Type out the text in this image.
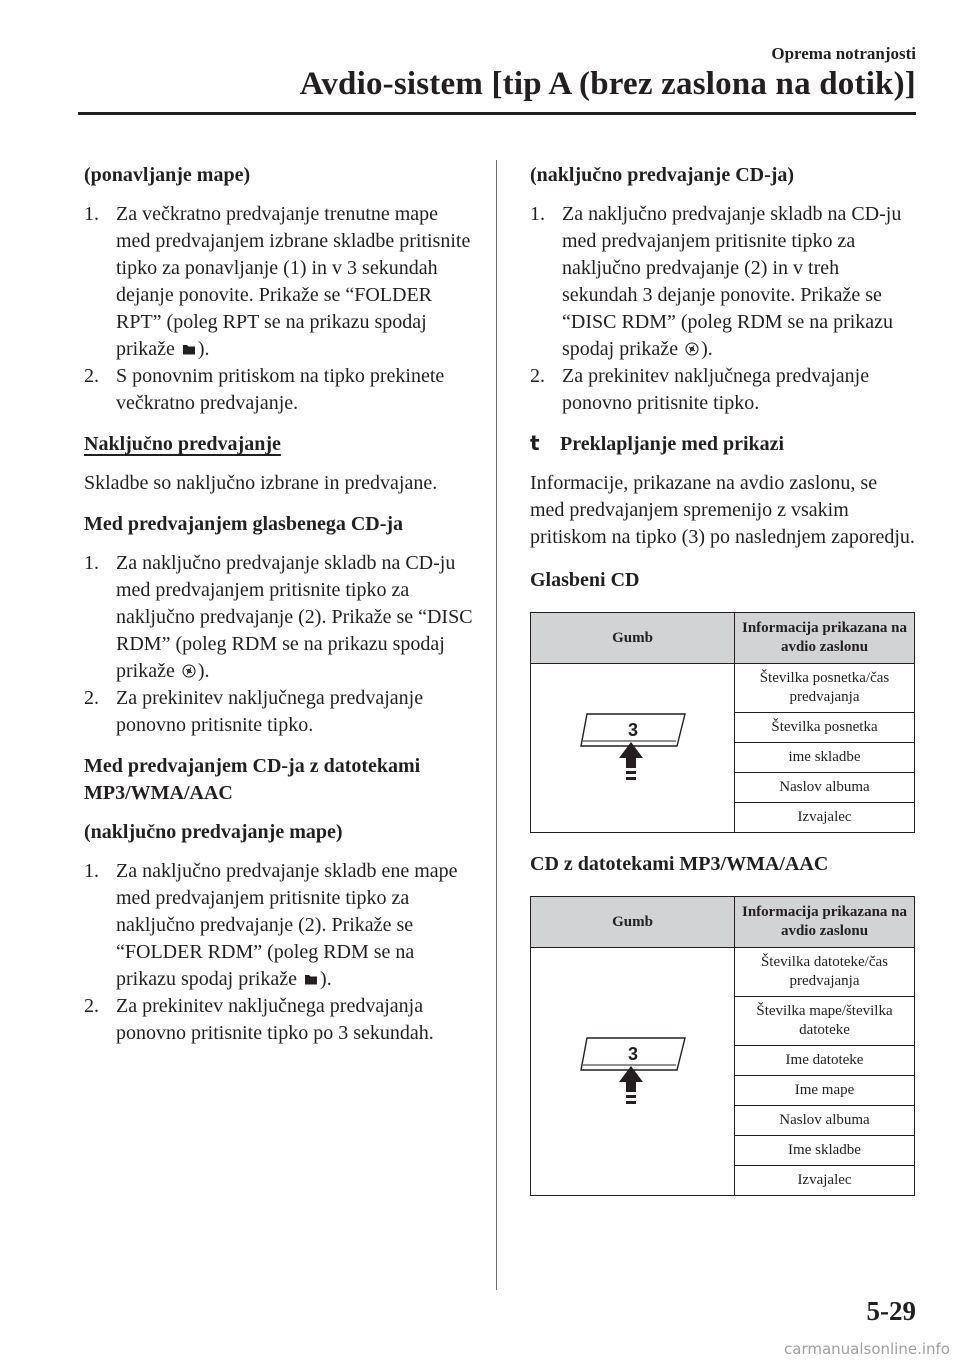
Oprema notranjosti
Avdio-sistem [tip A (brez zaslona na dotik)]

(ponavljanje mape)

1. Za večkratno predvajanje trenutne mape med predvajanjem izbrane skladbe pritisnite tipko za ponavljanje (1) in v 3 sekundah dejanje ponovite. Prikaže se “FOLDER RPT” (poleg RPT se na prikazu spodaj prikaže ).
2. S ponovnim pritiskom na tipko prekinete večkratno predvajanje.

Naključno predvajanje

Skladbe so naključno izbrane in predvajane.

Med predvajanjem glasbenega CD-ja

1. Za naključno predvajanje skladb na CD-ju med predvajanjem pritisnite tipko za naključno predvajanje (2). Prikaže se “DISC RDM” (poleg RDM se na prikazu spodaj prikaže ).
2. Za prekinitev naključnega predvajanje ponovno pritisnite tipko.

Med predvajanjem CD-ja z datotekami MP3/WMA/AAC

(naključno predvajanje mape)

1. Za naključno predvajanje skladb ene mape med predvajanjem pritisnite tipko za naključno predvajanje (2). Prikaže se “FOLDER RDM” (poleg RDM se na prikazu spodaj prikaže ).
2. Za prekinitev naključnega predvajanja ponovno pritisnite tipko po 3 sekundah.

(naključno predvajanje CD-ja)

1. Za naključno predvajanje skladb na CD-ju med predvajanjem pritisnite tipko za naključno predvajanje (2) in v treh sekundah 3 dejanje ponovite. Prikaže se “DISC RDM” (poleg RDM se na prikazu spodaj prikaže ).
2. Za prekinitev naključnega predvajanje ponovno pritisnite tipko.
t	Preklapljanje med prikazi

Informacije, prikazane na avdio zaslonu, se med predvajanjem spremenijo z vsakim pritiskom na tipko (3) po naslednjem zaporedju.

Glasbeni CD

Gumb	Informacija prikazana na avdio zaslonu

3	Številka posnetka/čas predvajanja
	Številka posnetka
	ime skladbe
	Naslov albuma
	Izvajalec

CD z datotekami MP3/WMA/AAC

Gumb	Informacija prikazana na avdio zaslonu

3	Številka datoteke/čas predvajanja
	Številka mape/številka datoteke
	Ime datoteke
	Ime mape
	Naslov albuma
	Ime skladbe
	Izvajalec
5-29
carmanualsonline.info
